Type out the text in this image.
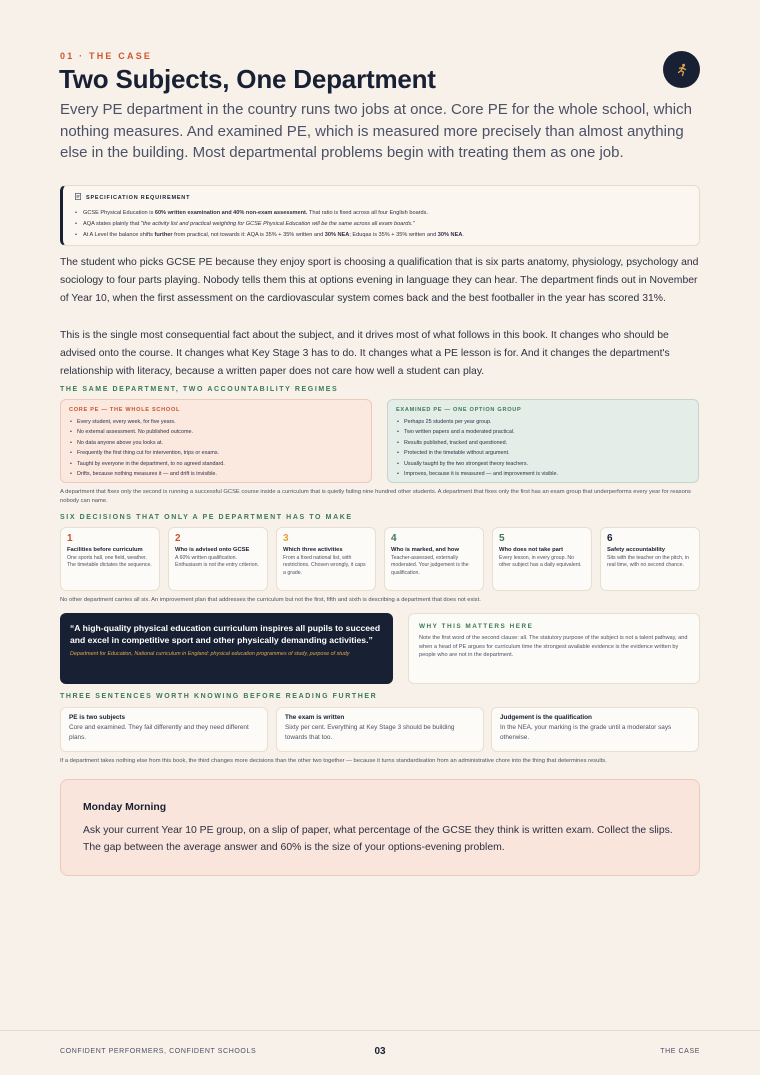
01 · THE CASE
Two Subjects, One Department

Every PE department in the country runs two jobs at once. Core PE for the whole school, which nothing measures. And examined PE, which is measured more precisely than almost anything else in the building. Most departmental problems begin with treating them as one job.

SPECIFICATION REQUIREMENT
• GCSE Physical Education is 60% written examination and 40% non-exam assessment. That ratio is fixed across all four English boards.
• AQA states plainly that "the activity list and practical weighting for GCSE Physical Education will be the same across all exam boards."
• At A Level the balance shifts further from practical, not towards it: AQA is 35% + 35% written and 30% NEA; Eduqas is 35% + 35% written and 30% NEA.

The student who picks GCSE PE because they enjoy sport is choosing a qualification that is six parts anatomy, physiology, psychology and sociology to four parts playing. Nobody tells them this at options evening in language they can hear. The department finds out in November of Year 10, when the first assessment on the cardiovascular system comes back and the best footballer in the year has scored 31%.

This is the single most consequential fact about the subject, and it drives most of what follows in this book. It changes who should be advised onto the course. It changes what Key Stage 3 has to do. It changes what a PE lesson is for. And it changes the department's relationship with literacy, because a written paper does not care how well a student can play.

THE SAME DEPARTMENT, TWO ACCOUNTABILITY REGIMES
CORE PE — THE WHOLE SCHOOL
• Every student, every week, for five years.
• No external assessment. No published outcome.
• No data anyone above you looks at.
• Frequently the first thing cut for intervention, trips or exams.
• Taught by everyone in the department, to no agreed standard.
• Drifts, because nothing measures it — and drift is invisible.
EXAMINED PE — ONE OPTION GROUP
• Perhaps 25 students per year group.
• Two written papers and a moderated practical.
• Results published, tracked and questioned.
• Protected in the timetable without argument.
• Usually taught by the two strongest theory teachers.
• Improves, because it is measured — and improvement is visible.

A department that fixes only the second is running a successful GCSE course inside a curriculum that is quietly failing nine hundred other students. A department that fixes only the first has an exam group that underperforms every year for reasons nobody can name.

SIX DECISIONS THAT ONLY A PE DEPARTMENT HAS TO MAKE
1
Facilities before curriculum
One sports hall, one field, weather. The timetable dictates the sequence.
2
Who is advised onto GCSE
A 60% written qualification. Enthusiasm is not the entry criterion.
3
Which three activities
From a fixed national list, with restrictions. Chosen wrongly, it caps a grade.
4
Who is marked, and how
Teacher-assessed, externally moderated. Your judgement is the qualification.
5
Who does not take part
Every lesson, in every group. No other subject has a daily equivalent.
6
Safety accountability
Sits with the teacher on the pitch, in real time, with no second chance.

No other department carries all six. An improvement plan that addresses the curriculum but not the first, fifth and sixth is describing a department that does not exist.

“A high-quality physical education curriculum inspires all pupils to succeed and excel in competitive sport and other physically demanding activities.”
Department for Education, National curriculum in England: physical education programmes of study, purpose of study
WHY THIS MATTERS HERE
Note the first word of the second clause: all. The statutory purpose of the subject is not a talent pathway, and when a head of PE argues for curriculum time the strongest available evidence is the evidence written by people who are not in the department.
THREE SENTENCES WORTH KNOWING BEFORE READING FURTHER
PE is two subjects
Core and examined. They fail differently and they need different plans.
The exam is written
Sixty per cent. Everything at Key Stage 3 should be building towards that too.
Judgement is the qualification
In the NEA, your marking is the grade until a moderator says otherwise.

If a department takes nothing else from this book, the third changes more decisions than the other two together — because it turns standardisation from an administrative chore into the thing that determines results.

Monday Morning
Ask your current Year 10 PE group, on a slip of paper, what percentage of the GCSE they think is written exam. Collect the slips. The gap between the average answer and 60% is the size of your options-evening problem.
CONFIDENT PERFORMERS, CONFIDENT SCHOOLS	03	THE CASE
